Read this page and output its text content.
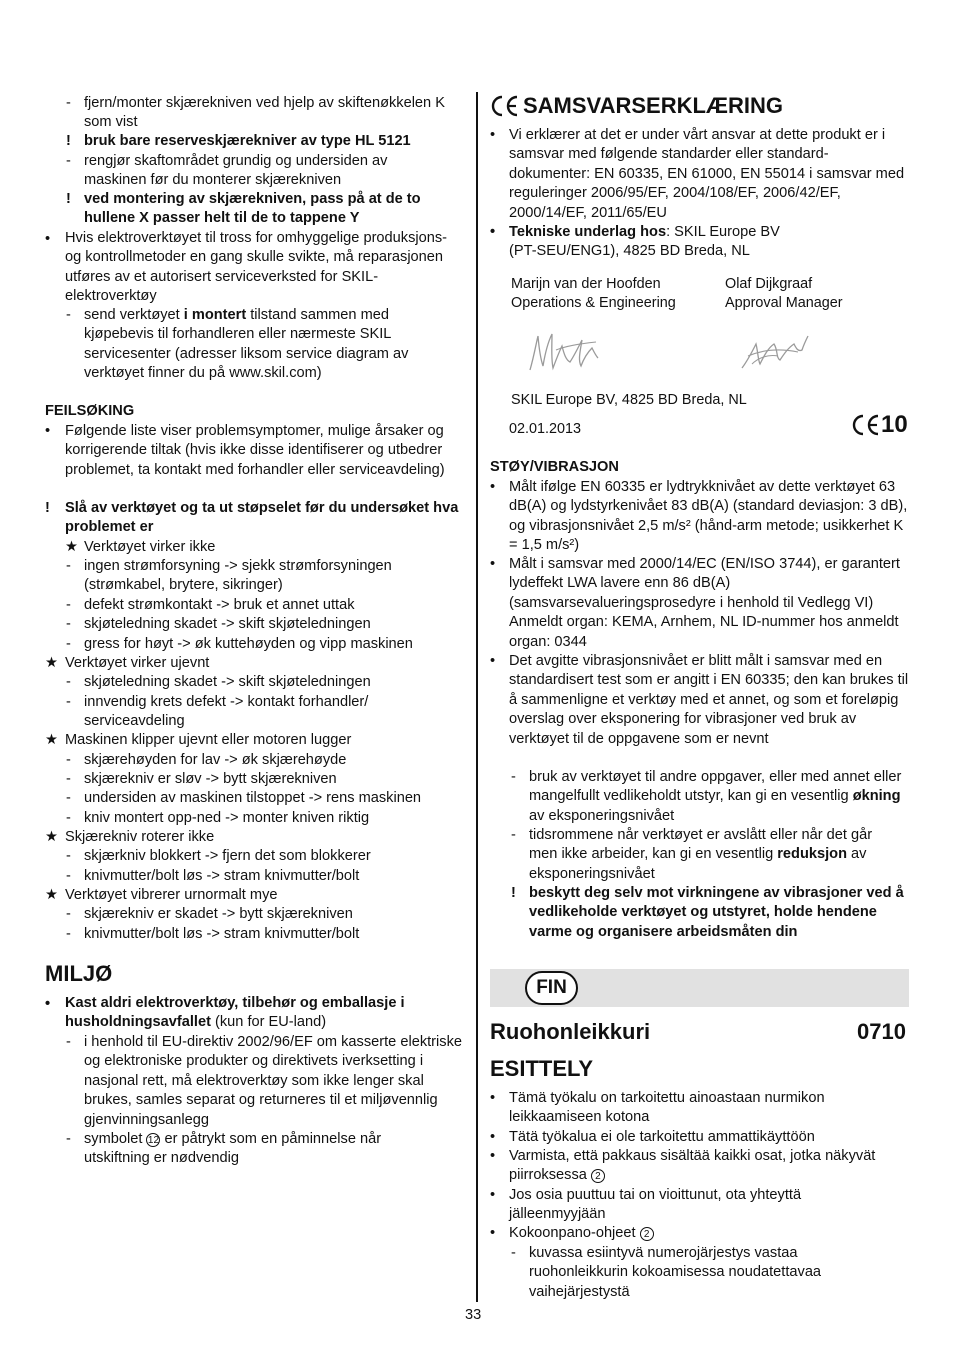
- fjern/monter skjærekniven ved hjelp av skiftenøkkelen K som vist
! bruk bare reserveskjærekniver av type HL 5121
- rengjør skaftområdet grundig og undersiden av maskinen før du monterer skjærekniven
! ved montering av skjærekniven, pass på at de to hullene X passer helt til de to tappene Y
• Hvis elektroverktøyet til tross for omhyggelige produksjons- og kontrollmetoder en gang skulle svikte, må reparasjonen utføres av et autorisert serviceverksted for SKIL-elektroverktøy
- send verktøyet i montert tilstand sammen med kjøpebevis til forhandleren eller nærmeste SKIL servicesenter (adresser liksom service diagram av verktøyet finner du på www.skil.com)
FEILSØKING
• Følgende liste viser problemsymptomer, mulige årsaker og korrigerende tiltak (hvis ikke disse identifiserer og utbedrer problemet, ta kontakt med forhandler eller serviceavdeling)
! Slå av verktøyet og ta ut støpselet før du undersøket hva problemet er
★ Verktøyet virker ikke
- ingen strømforsyning -> sjekk strømforsyningen (strømkabel, brytere, sikringer)
- defekt strømkontakt -> bruk et annet uttak
- skjøteledning skadet -> skift skjøteledningen
- gress for høyt -> øk kuttehøyden og vipp maskinen
★ Verktøyet virker ujevnt
- skjøteledning skadet -> skift skjøteledningen
- innvendig krets defekt -> kontakt forhandler/ serviceavdeling
★ Maskinen klipper ujevnt eller motoren lugger
- skjærehøyden for lav -> øk skjærehøyde
- skjærekniv er sløv -> bytt skjærekniven
- undersiden av maskinen tilstoppet -> rens maskinen
- kniv montert opp-ned -> monter kniven riktig
★ Skjærekniv roterer ikke
- skjærkniv blokkert -> fjern det som blokkerer
- knivmutter/bolt løs -> stram knivmutter/bolt
★ Verktøyet vibrerer urnormalt mye
- skjærekniv er skadet -> bytt skjærekniven
- knivmutter/bolt løs -> stram knivmutter/bolt
MILJØ
• Kast aldri elektroverktøy, tilbehør og emballasje i husholdningsavfallet (kun for EU-land)
- i henhold til EU-direktiv 2002/96/EF om kasserte elektriske og elektroniske produkter og direktivets iverksetting i nasjonal rett, må elektroverktøy som ikke lenger skal brukes, samles separat og returneres til et miljøvennlig gjenvinningsanlegg
- symbolet 12 er påtrykt som en påminnelse når utskiftning er nødvendig
SAMSVARSERKLÆRING
• Vi erklærer at det er under vårt ansvar at dette produkt er i samsvar med følgende standarder eller standard-dokumenter: EN 60335, EN 61000, EN 55014 i samsvar med reguleringer 2006/95/EF, 2004/108/EF, 2006/42/EF, 2000/14/EF, 2011/65/EU
• Tekniske underlag hos: SKIL Europe BV (PT-SEU/ENG1), 4825 BD Breda, NL
Marijn van der Hoofden
Operations & Engineering
Olaf Dijkgraaf
Approval Manager
SKIL Europe BV, 4825 BD Breda, NL
02.01.2013	10
STØY/VIBRASJON
• Målt ifølge EN 60335 er lydtrykknivået av dette verktøyet 63 dB(A) og lydstyrkenivået 83 dB(A) (standard deviasjon: 3 dB), og vibrasjonsnivået 2,5 m/s² (hånd-arm metode; usikkerhet K = 1,5 m/s²)
• Målt i samsvar med 2000/14/EC (EN/ISO 3744), er garantert lydeffekt LWA lavere enn 86 dB(A) (samsvarsevalueringsprosedyre i henhold til Vedlegg VI) Anmeldt organ: KEMA, Arnhem, NL ID-nummer hos anmeldt organ: 0344
• Det avgitte vibrasjonsnivået er blitt målt i samsvar med en standardisert test som er angitt i EN 60335; den kan brukes til å sammenligne et verktøy med et annet, og som et foreløpig overslag over eksponering for vibrasjoner ved bruk av verktøyet til de oppgavene som er nevnt
- bruk av verktøyet til andre oppgaver, eller med annet eller mangelfullt vedlikeholdt utstyr, kan gi en vesentlig økning av eksponeringsnivået
- tidsrommene når verktøyet er avslått eller når det går men ikke arbeider, kan gi en vesentlig reduksjon av eksponeringsnivået
! beskytt deg selv mot virkningene av vibrasjoner ved å vedlikeholde verktøyet og utstyret, holde hendene varme og organisere arbeidsmåten din
FIN
Ruohonleikkuri	0710
ESITTELY
• Tämä työkalu on tarkoitettu ainoastaan nurmikon leikkaamiseen kotona
• Tätä työkalua ei ole tarkoitettu ammattikäyttöön
• Varmista, että pakkaus sisältää kaikki osat, jotka näkyvät piirroksessa 2
• Jos osia puuttuu tai on vioittunut, ota yhteyttä jälleenmyyjään
• Kokoonpano-ohjeet 2
- kuvassa esiintyvä numerojärjestys vastaa ruohonleikkurin kokoamisessa noudatettavaa vaihejärjestystä
33
